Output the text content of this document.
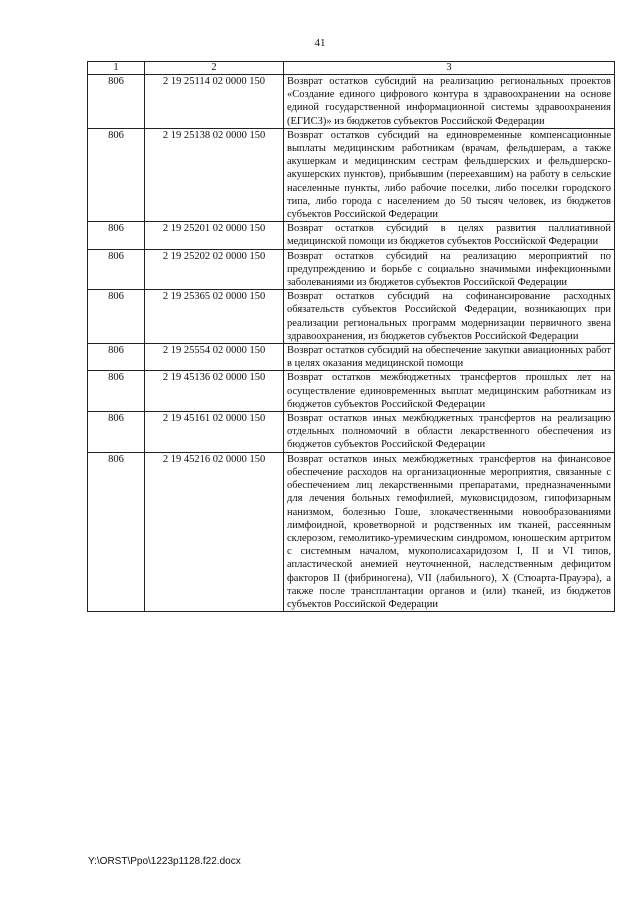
41
1	2	3
806	2 19 25114 02 0000 150	Возврат остатков субсидий на реализацию региональных проектов «Создание единого цифрового контура в здравоохранении на основе единой государственной информационной системы здравоохранения (ЕГИСЗ)» из бюджетов субъектов Российской Федерации
806	2 19 25138 02 0000 150	Возврат остатков субсидий на единовременные компенсационные выплаты медицинским работникам (врачам, фельдшерам, а также акушеркам и медицинским сестрам фельдшерских и фельдшерско-акушерских пунктов), прибывшим (переехавшим) на работу в сельские населенные пункты, либо рабочие поселки, либо поселки городского типа, либо города с населением до 50 тысяч человек, из бюджетов субъектов Российской Федерации
806	2 19 25201 02 0000 150	Возврат остатков субсидий в целях развития паллиативной медицинской помощи из бюджетов субъектов Российской Федерации
806	2 19 25202 02 0000 150	Возврат остатков субсидий на реализацию мероприятий по предупреждению и борьбе с социально значимыми инфекционными заболеваниями из бюджетов субъектов Российской Федерации
806	2 19 25365 02 0000 150	Возврат остатков субсидий на софинансирование расходных обязательств субъектов Российской Федерации, возникающих при реализации региональных программ модернизации первичного звена здравоохранения, из бюджетов субъектов Российской Федерации
806	2 19 25554 02 0000 150	Возврат остатков субсидий на обеспечение закупки авиационных работ в целях оказания медицинской помощи
806	2 19 45136 02 0000 150	Возврат остатков межбюджетных трансфертов прошлых лет на осуществление единовременных выплат медицинским работникам из бюджетов субъектов Российской Федерации
806	2 19 45161 02 0000 150	Возврат остатков иных межбюджетных трансфертов на реализацию отдельных полномочий в области лекарственного обеспечения из бюджетов субъектов Российской Федерации
806	2 19 45216 02 0000 150	Возврат остатков иных межбюджетных трансфертов на финансовое обеспечение расходов на организационные мероприятия, связанные с обеспечением лиц лекарственными препаратами, предназначенными для лечения больных гемофилией, муковисцидозом, гипофизарным нанизмом, болезнью Гоше, злокачественными новообразованиями лимфоидной, кроветворной и родственных им тканей, рассеянным склерозом, гемолитико-уремическим синдромом, юношеским артритом с системным началом, мукополисахаридозом I, II и VI типов, апластической анемией неуточненной, наследственным дефицитом факторов II (фибриногена), VII (лабильного), X (Стюарта-Прауэра), а также после трансплантации органов и (или) тканей, из бюджетов субъектов Российской Федерации
Y:\ORST\Ppo\1223p1128.f22.docx
